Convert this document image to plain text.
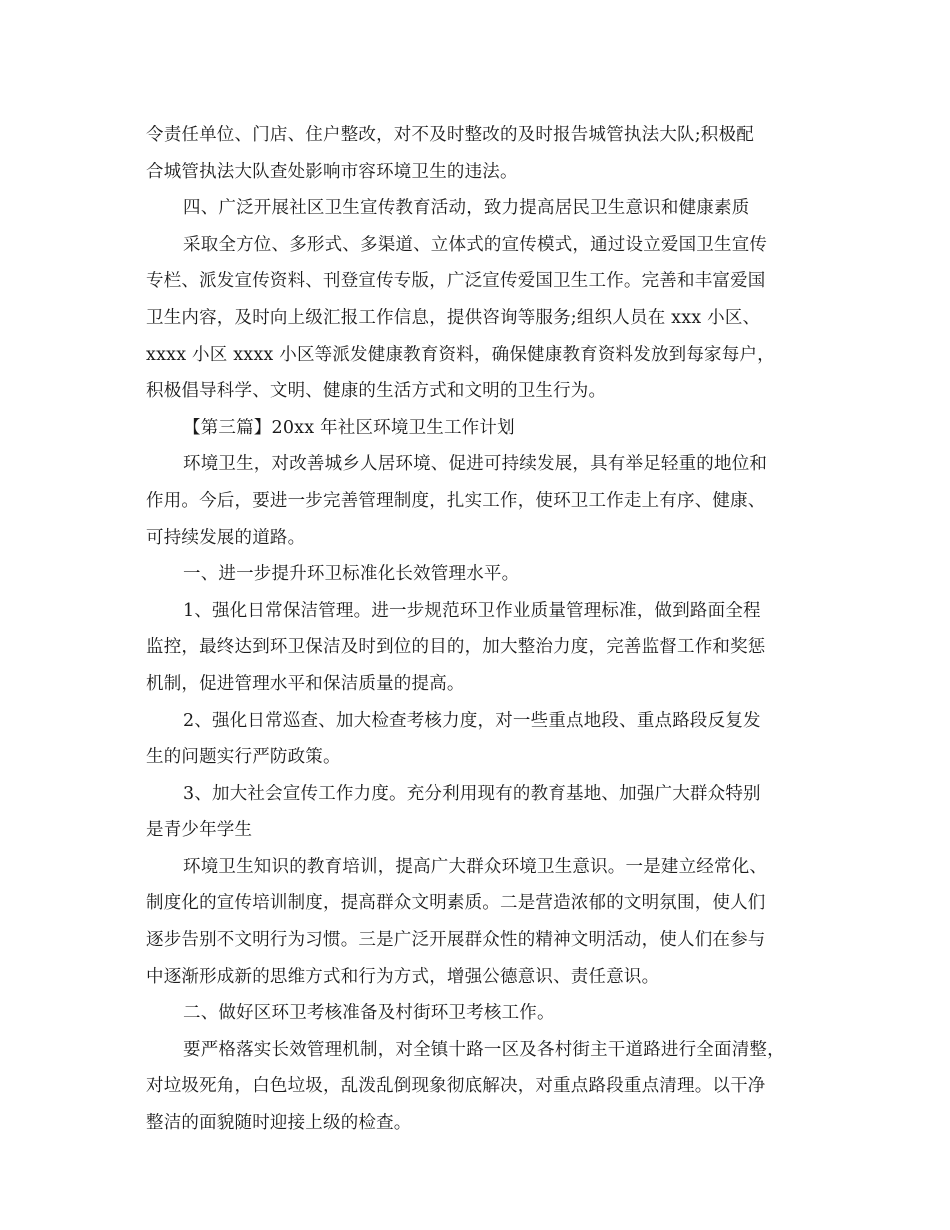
令责任单位、门店、住户整改，对不及时整改的及时报告城管执法大队;积极配
合城管执法大队查处影响市容环境卫生的违法。
四、广泛开展社区卫生宣传教育活动，致力提高居民卫生意识和健康素质
采取全方位、多形式、多渠道、立体式的宣传模式，通过设立爱国卫生宣传
专栏、派发宣传资料、刊登宣传专版，广泛宣传爱国卫生工作。完善和丰富爱国
卫生内容，及时向上级汇报工作信息，提供咨询等服务;组织人员在 xxx 小区、
xxxx 小区 xxxx 小区等派发健康教育资料，确保健康教育资料发放到每家每户，
积极倡导科学、文明、健康的生活方式和文明的卫生行为。
【第三篇】20xx 年社区环境卫生工作计划
环境卫生，对改善城乡人居环境、促进可持续发展，具有举足轻重的地位和
作用。今后，要进一步完善管理制度，扎实工作，使环卫工作走上有序、健康、
可持续发展的道路。
一、进一步提升环卫标准化长效管理水平。
1、强化日常保洁管理。进一步规范环卫作业质量管理标准，做到路面全程
监控，最终达到环卫保洁及时到位的目的，加大整治力度，完善监督工作和奖惩
机制，促进管理水平和保洁质量的提高。
2、强化日常巡查、加大检查考核力度，对一些重点地段、重点路段反复发
生的问题实行严防政策。
3、加大社会宣传工作力度。充分利用现有的教育基地、加强广大群众特别
是青少年学生
环境卫生知识的教育培训，提高广大群众环境卫生意识。一是建立经常化、
制度化的宣传培训制度，提高群众文明素质。二是营造浓郁的文明氛围，使人们
逐步告别不文明行为习惯。三是广泛开展群众性的精神文明活动，使人们在参与
中逐渐形成新的思维方式和行为方式，增强公德意识、责任意识。
二、做好区环卫考核准备及村街环卫考核工作。
要严格落实长效管理机制，对全镇十路一区及各村街主干道路进行全面清整，
对垃圾死角，白色垃圾，乱泼乱倒现象彻底解决，对重点路段重点清理。以干净
整洁的面貌随时迎接上级的检查。
